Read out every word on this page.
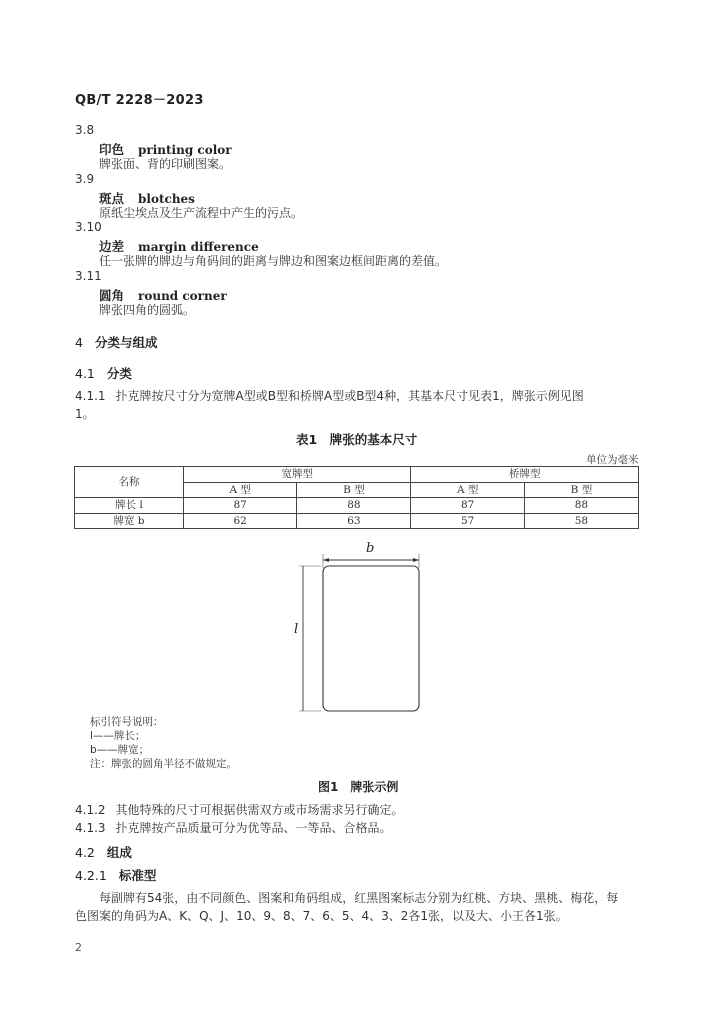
QB/T 2228－2023
3.8
印色 printing color
牌张面、背的印刷图案。
3.9
斑点 blotches
原纸尘埃点及生产流程中产生的污点。
3.10
边差 margin difference
任一张牌的牌边与角码间的距离与牌边和图案边框间距离的差值。
3.11
圆角 round corner
牌张四角的圆弧。
4 分类与组成
4.1 分类
4.1.1 扑克牌按尺寸分为宽牌A型或B型和桥牌A型或B型4种，其基本尺寸见表1，牌张示例见图
1。
表1　牌张的基本尺寸
单位为毫米
名称	宽牌型		桥牌型	
	A 型	B 型	A 型	B 型
牌长 l	87	88	87	88
牌宽 b	62	63	57	58
b
l
标引符号说明：
l——牌长；
b——牌宽；
注：牌张的圆角半径不做规定。
图1　牌张示例
4.1.2 其他特殊的尺寸可根据供需双方或市场需求另行确定。
4.1.3 扑克牌按产品质量可分为优等品、一等品、合格品。
4.2 组成
4.2.1 标准型
每副牌有54张，由不同颜色、图案和角码组成，红黑图案标志分别为红桃、方块、黑桃、梅花，每
色图案的角码为A、K、Q、J、10、9、8、7、6、5、4、3、2各1张，以及大、小王各1张。
2
